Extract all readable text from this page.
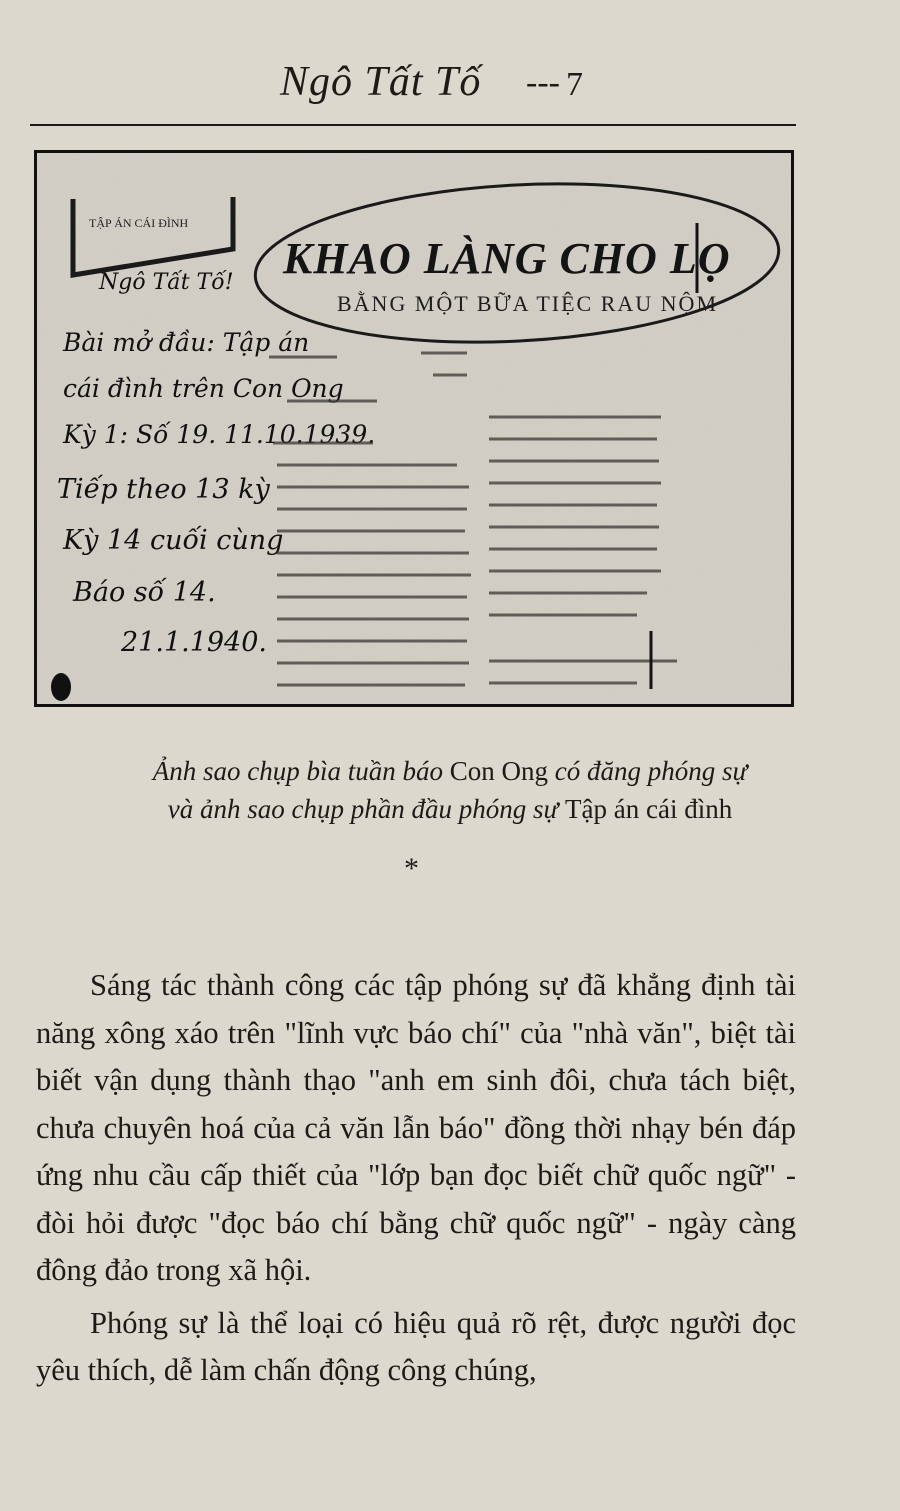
Ngô Tất Tố --- 7
TẬP ÁN CÁI ĐÌNH
KHAO LÀNG CHO LỌ
BẰNG MỘT BỮA TIỆC RAU NỘM
Ngô Tất Tố!
Bài mở đầu: Tập án
cái đình trên Con Ong
Kỳ 1: Số 19. 11.10.1939.
Tiếp theo 13 kỳ
Kỳ 14 cuối cùng
Báo số 14.
21.1.1940.
Ảnh sao chụp bìa tuần báo Con Ong có đăng phóng sự
và ảnh sao chụp phần đầu phóng sự Tập án cái đình
*

Sáng tác thành công các tập phóng sự đã khẳng định tài năng xông xáo trên "lĩnh vực báo chí" của "nhà văn", biệt tài biết vận dụng thành thạo "anh em sinh đôi, chưa tách biệt, chưa chuyên hoá của cả văn lẫn báo" đồng thời nhạy bén đáp ứng nhu cầu cấp thiết của "lớp bạn đọc biết chữ quốc ngữ" - đòi hỏi được "đọc báo chí bằng chữ quốc ngữ" - ngày càng đông đảo trong xã hội.

Phóng sự là thể loại có hiệu quả rõ rệt, được người đọc yêu thích, dễ làm chấn động công chúng,
